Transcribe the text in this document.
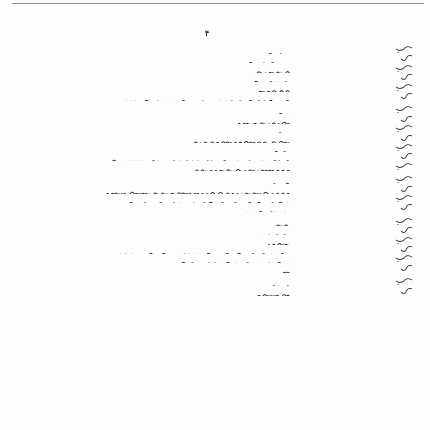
۴
